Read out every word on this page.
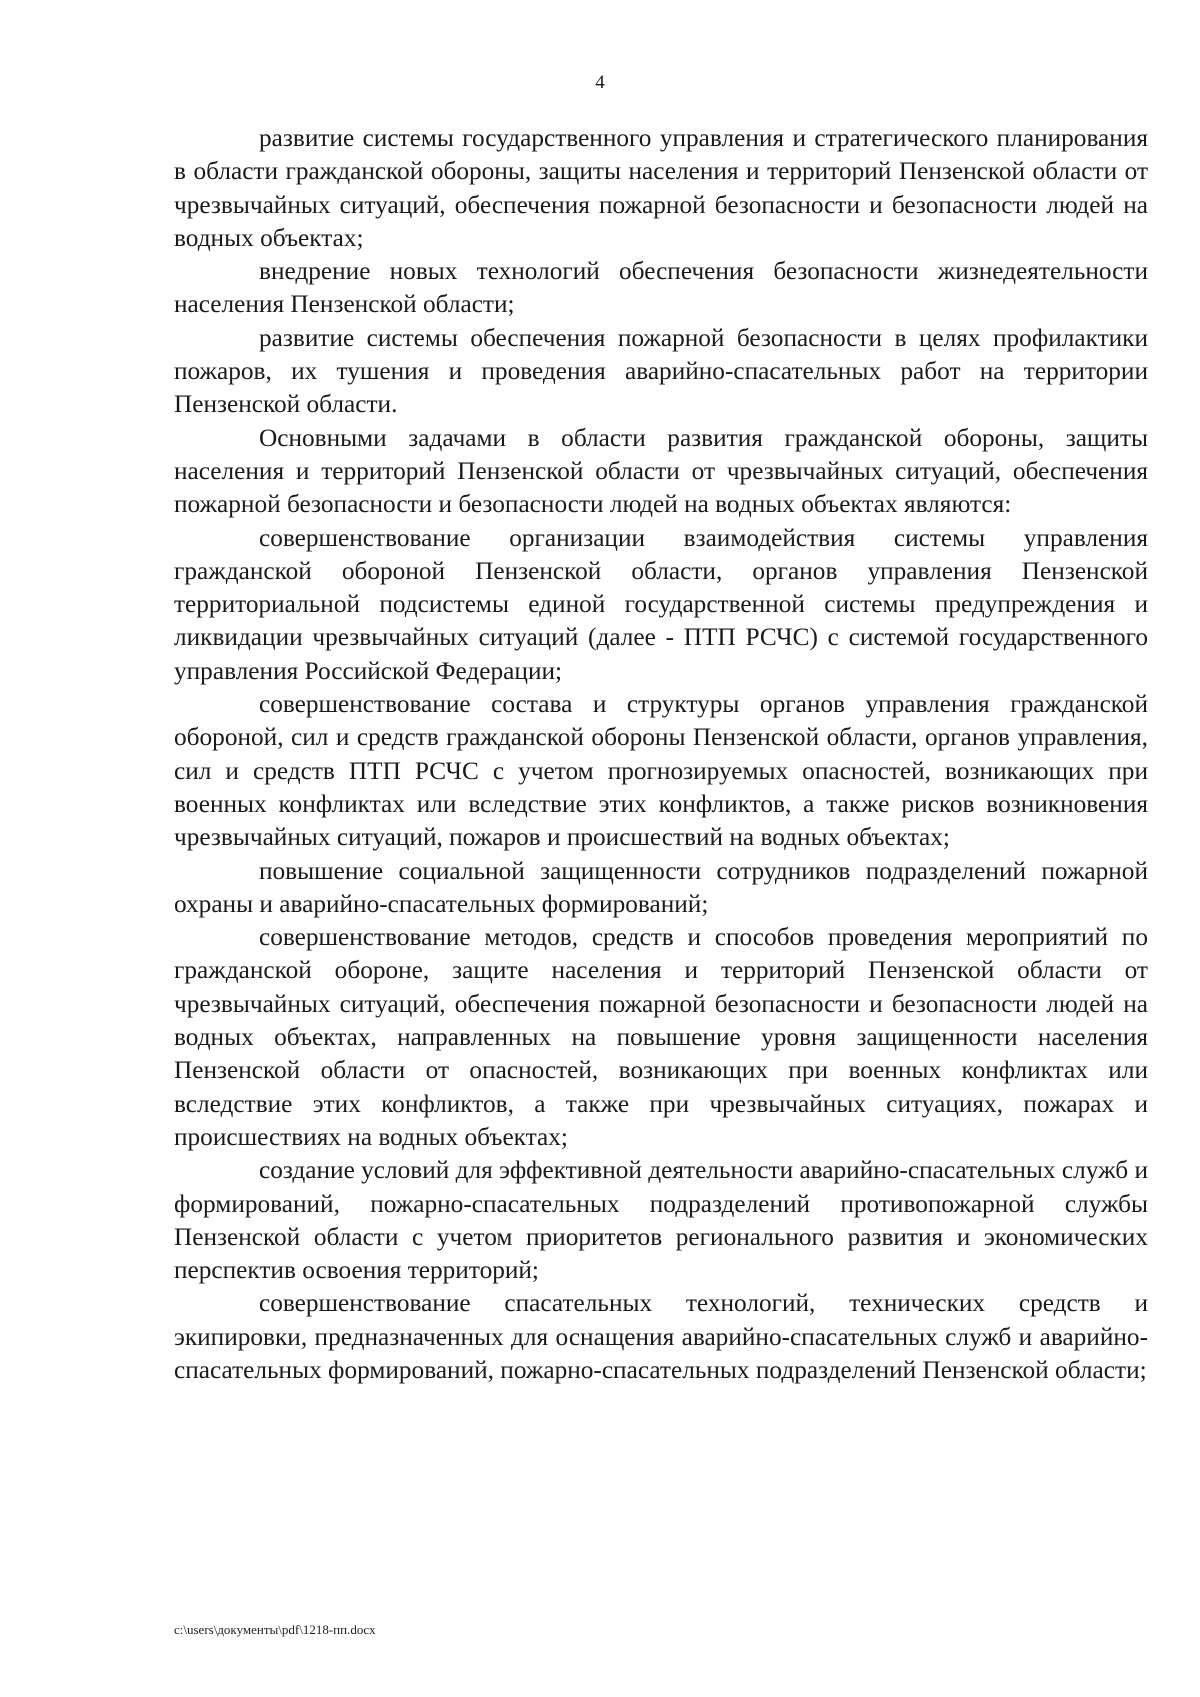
4

развитие системы государственного управления и стратегического планирования в области гражданской обороны, защиты населения и территорий Пензенской области от чрезвычайных ситуаций, обеспечения пожарной безопасности и безопасности людей на водных объектах;

внедрение новых технологий обеспечения безопасности жизнедеятельности населения Пензенской области;

развитие системы обеспечения пожарной безопасности в целях профилактики пожаров, их тушения и проведения аварийно-спасательных работ на территории Пензенской области.

Основными задачами в области развития гражданской обороны, защиты населения и территорий Пензенской области от чрезвычайных ситуаций, обеспечения пожарной безопасности и безопасности людей на водных объектах являются:

совершенствование организации взаимодействия системы управления гражданской обороной Пензенской области, органов управления Пензенской территориальной подсистемы единой государственной системы предупреждения и ликвидации чрезвычайных ситуаций (далее - ПТП РСЧС) с системой государственного управления Российской Федерации;

совершенствование состава и структуры органов управления гражданской обороной, сил и средств гражданской обороны Пензенской области, органов управления, сил и средств ПТП РСЧС с учетом прогнозируемых опасностей, возникающих при военных конфликтах или вследствие этих конфликтов, а также рисков возникновения чрезвычайных ситуаций, пожаров и происшествий на водных объектах;

повышение социальной защищенности сотрудников подразделений пожарной охраны и аварийно-спасательных формирований;

совершенствование методов, средств и способов проведения мероприятий по гражданской обороне, защите населения и территорий Пензенской области от чрезвычайных ситуаций, обеспечения пожарной безопасности и безопасности людей на водных объектах, направленных на повышение уровня защищенности населения Пензенской области от опасностей, возникающих при военных конфликтах или вследствие этих конфликтов, а также при чрезвычайных ситуациях, пожарах и происшествиях на водных объектах;

создание условий для эффективной деятельности аварийно-спасательных служб и формирований, пожарно-спасательных подразделений противопожарной службы Пензенской области с учетом приоритетов регионального развития и экономических перспектив освоения территорий;

совершенствование спасательных технологий, технических средств и экипировки, предназначенных для оснащения аварийно-спасательных служб и аварийно-спасательных формирований, пожарно-спасательных подразделений Пензенской области;

c:\users\документы\pdf\1218-пп.docx
